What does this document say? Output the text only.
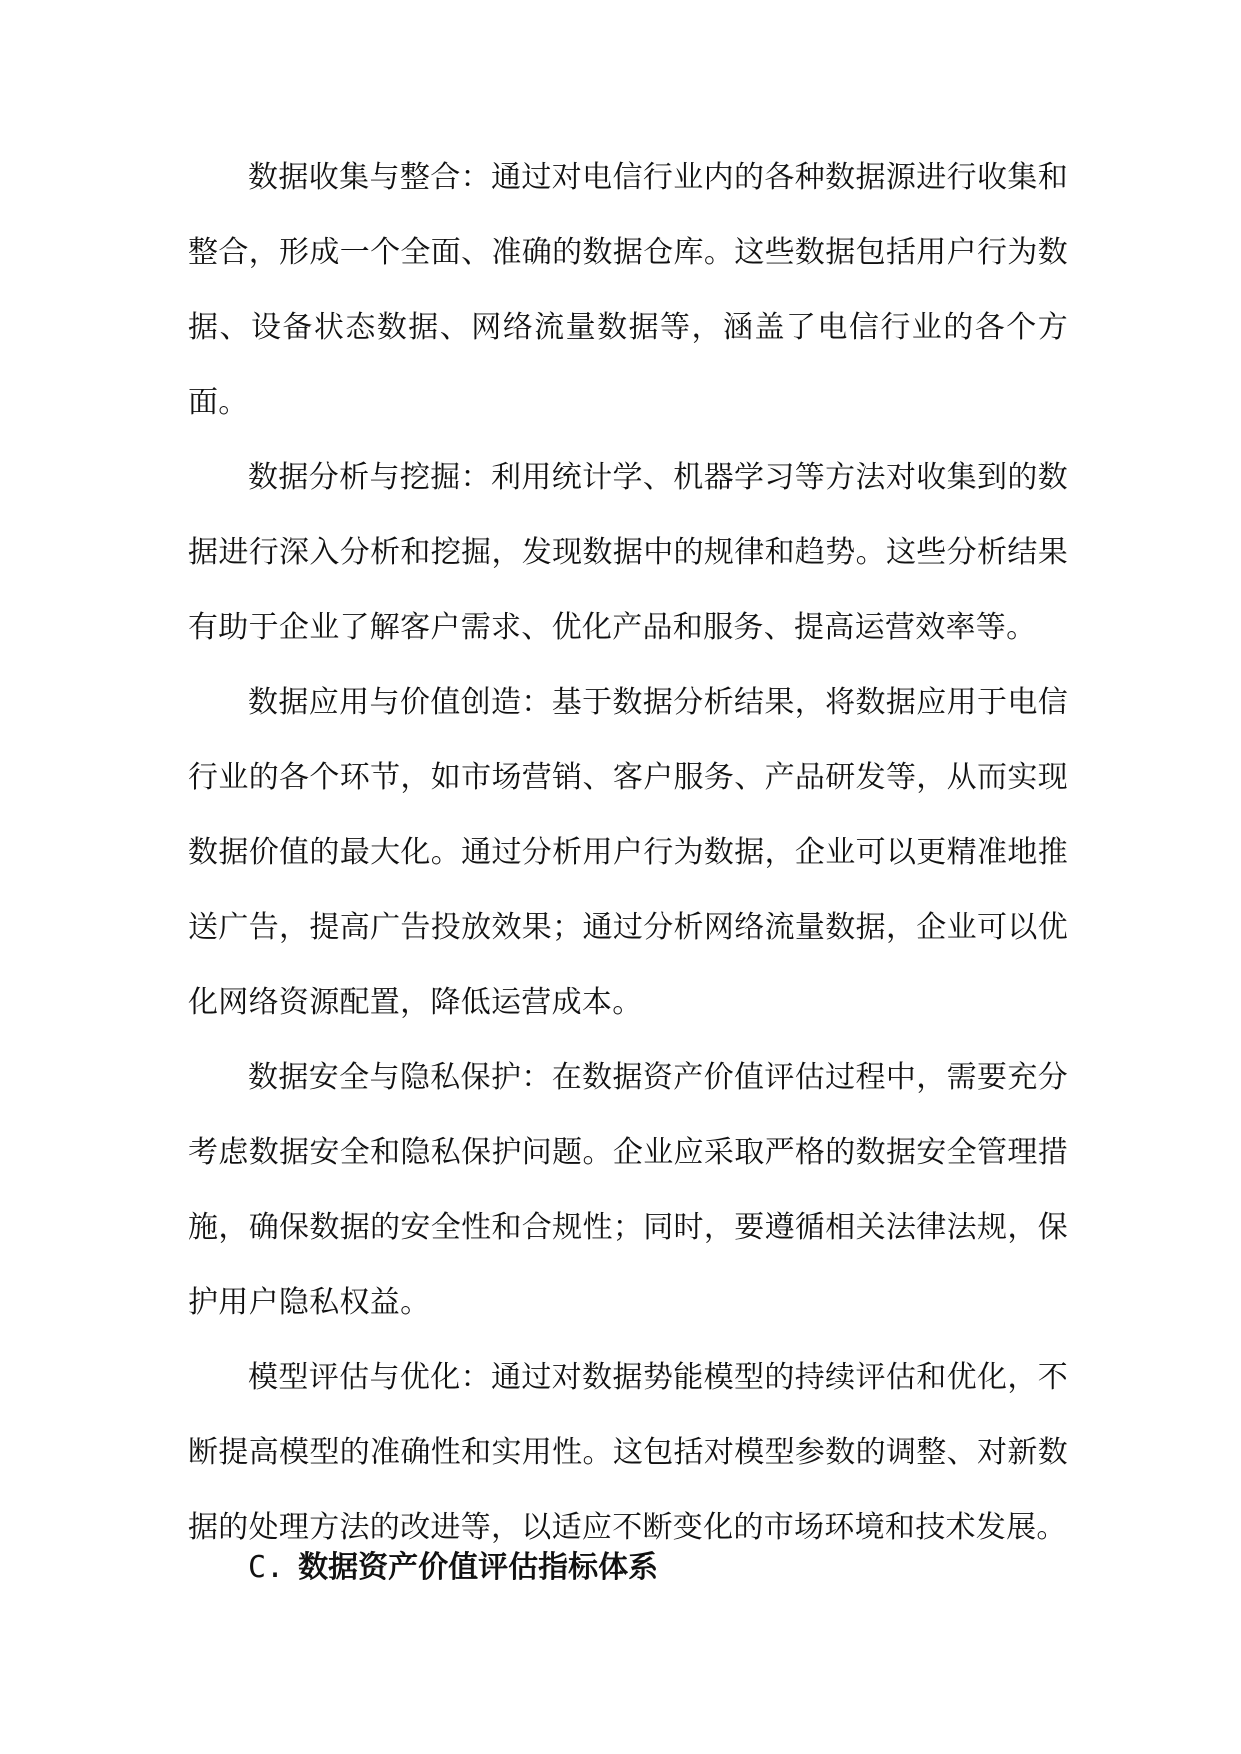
数据收集与整合：通过对电信行业内的各种数据源进行收集和整合，形成一个全面、准确的数据仓库。这些数据包括用户行为数据、设备状态数据、网络流量数据等，涵盖了电信行业的各个方面。

数据分析与挖掘：利用统计学、机器学习等方法对收集到的数据进行深入分析和挖掘，发现数据中的规律和趋势。这些分析结果有助于企业了解客户需求、优化产品和服务、提高运营效率等。

数据应用与价值创造：基于数据分析结果，将数据应用于电信行业的各个环节，如市场营销、客户服务、产品研发等，从而实现数据价值的最大化。通过分析用户行为数据，企业可以更精准地推送广告，提高广告投放效果；通过分析网络流量数据，企业可以优化网络资源配置，降低运营成本。

数据安全与隐私保护：在数据资产价值评估过程中，需要充分考虑数据安全和隐私保护问题。企业应采取严格的数据安全管理措施，确保数据的安全性和合规性；同时，要遵循相关法律法规，保护用户隐私权益。

模型评估与优化：通过对数据势能模型的持续评估和优化，不断提高模型的准确性和实用性。这包括对模型参数的调整、对新数据的处理方法的改进等，以适应不断变化的市场环境和技术发展。

C. 数据资产价值评估指标体系
